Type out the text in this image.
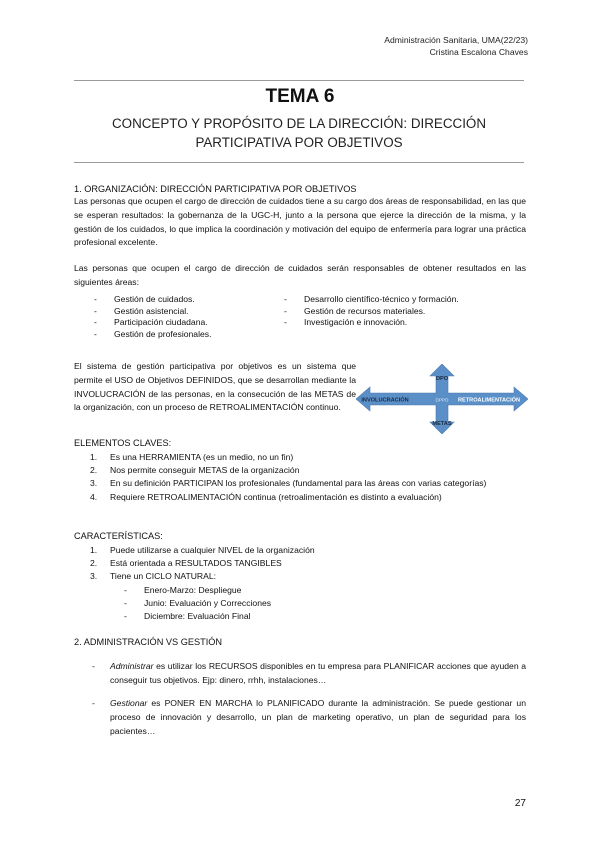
Administración Sanitaria, UMA(22/23)
Cristina Escalona Chaves
TEMA 6
CONCEPTO Y PROPÓSITO DE LA DIRECCIÓN: DIRECCIÓN PARTICIPATIVA POR OBJETIVOS
1. ORGANIZACIÓN: DIRECCIÓN PARTICIPATIVA POR OBJETIVOS
Las personas que ocupen el cargo de dirección de cuidados tiene a su cargo dos áreas de responsabilidad, en las que se esperan resultados: la gobernanza de la UGC-H, junto a la persona que ejerce la dirección de la misma, y la gestión de los cuidados, lo que implica la coordinación y motivación del equipo de enfermería para lograr una práctica profesional excelente.
Las personas que ocupen el cargo de dirección de cuidados serán responsables de obtener resultados en las siguientes áreas:
- Gestión de cuidados.
- Gestión asistencial.
- Participación ciudadana.
- Gestión de profesionales.
- Desarrollo científico-técnico y formación.
- Gestión de recursos materiales.
- Investigación e innovación.
El sistema de gestión participativa por objetivos es un sistema que permite el USO de Objetivos DEFINIDOS, que se desarrollan mediante la INVOLUCRACIÓN de las personas, en la consecución de las METAS de la organización, con un proceso de RETROALIMENTACIÓN continuo.
DPO
INVOLUCRACIÓN	DPPO RETROALIMENTACIÓN
METAS
ELEMENTOS CLAVES:
1. Es una HERRAMIENTA (es un medio, no un fin)
2. Nos permite conseguir METAS de la organización
3. En su definición PARTICIPAN los profesionales (fundamental para las áreas con varias categorías)
4. Requiere RETROALIMENTACIÓN continua (retroalimentación es distinto a evaluación)
CARACTERÍSTICAS:
1. Puede utilizarse a cualquier NIVEL de la organización
2. Está orientada a RESULTADOS TANGIBLES
3. Tiene un CICLO NATURAL:
- Enero-Marzo: Despliegue
- Junio: Evaluación y Correcciones
- Diciembre: Evaluación Final
2. ADMINISTRACIÓN VS GESTIÓN
- Administrar es utilizar los RECURSOS disponibles en tu empresa para PLANIFICAR acciones que ayuden a conseguir tus objetivos. Ejp: dinero, rrhh, instalaciones…
- Gestionar es PONER EN MARCHA lo PLANIFICADO durante la administración. Se puede gestionar un proceso de innovación y desarrollo, un plan de marketing operativo, un plan de seguridad para los pacientes…
27
